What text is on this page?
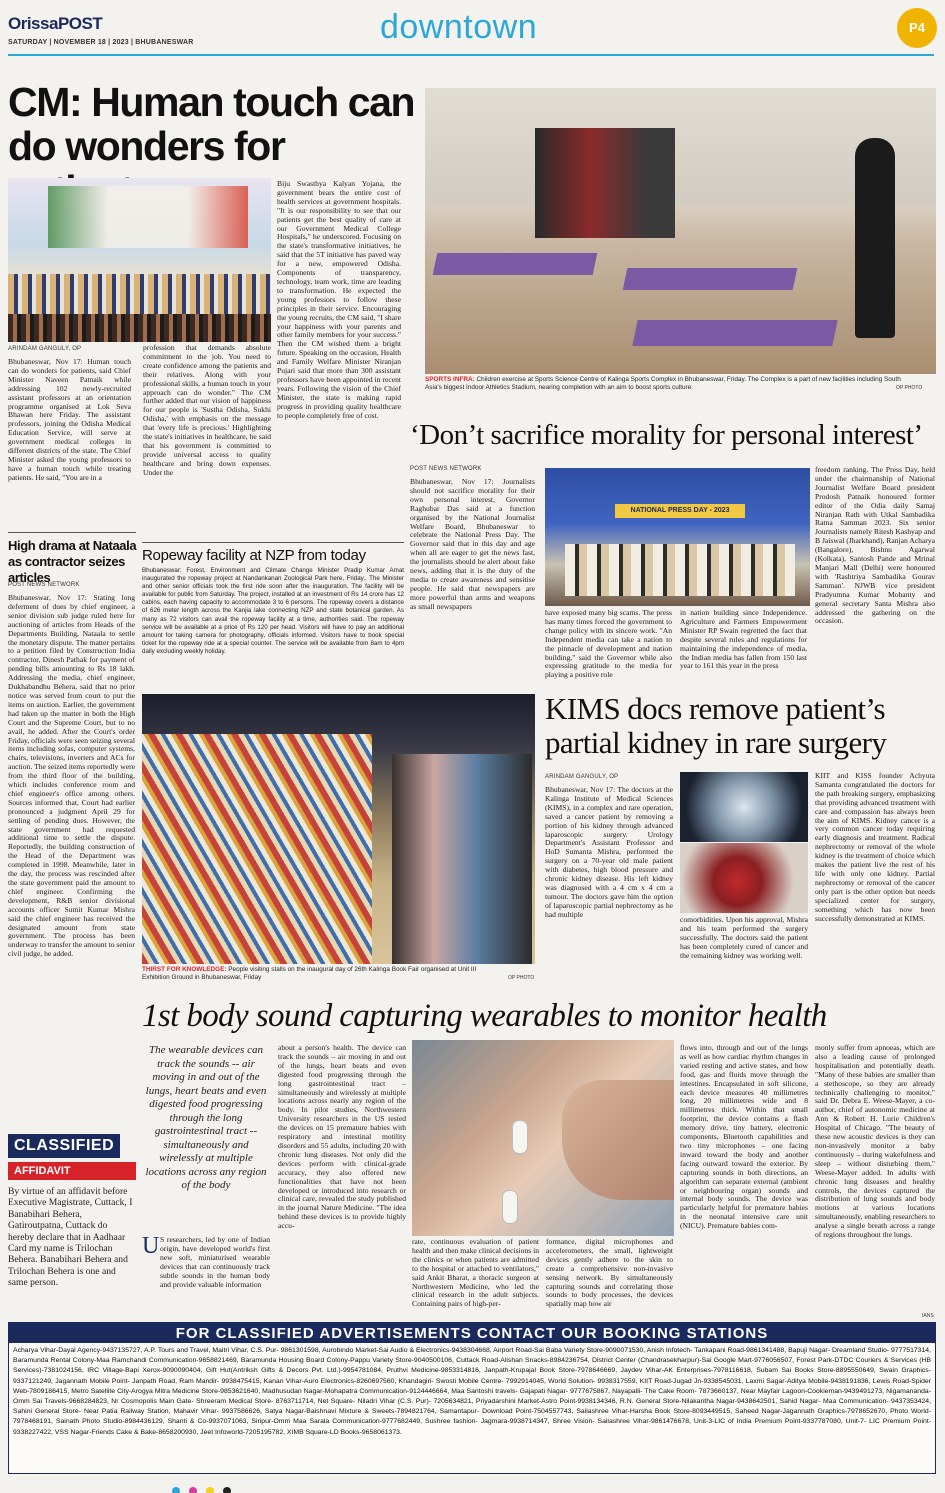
OrissaPOST
SATURDAY | NOVEMBER 18 | 2023 | BHUBANESWAR	downtown	P4
CM: Human touch can
do wonders for
ARINDAM GANGULY, OP

Bhubaneswar, Nov 17: Human touch can do wonders for patients, said Chief Minister Naveen Patnaik while addressing 102 newly-recruited assistant professors at an orientation programme organised at Lok Seva Bhawan here Friday. The assistant professors, joining the Odisha Medical Education Service, will serve at government medical colleges in different districts of the state. The Chief Minister asked the young professors to have a human touch while treating patients. He said, "You are in a

profession that demands absolute commitment to the job. You need to create confidence among the patients and their relatives. Along with your professional skills, a human touch in your approach can do wonder." The CM further added that our vision of happiness for our people is 'Sustha Odisha, Sukhi Odisha,' with emphasis on the message that 'every life is precious.' Highlighting the state's initiatives in healthcare, he said that his government is committed to provide universal access to quality healthcare and bring down expenses. Under the

Biju Swasthya Kalyan Yojana, the government bears the entire cost of health services at government hospitals. "It is our responsibility to see that our patients get the best quality of care at our Government Medical College Hospitals," he underscored. Focusing on the state's transformative initiatives, he said that the 5T initiative has paved way for a new, empowered Odisha. Components of transparency, technology, team work, time are leading to transformation. He expected the young professors to follow these principles in their service. Encouraging the young recruits, the CM said, "I share your happiness with your parents and other family members for your success." Then the CM wished them a bright future. Speaking on the occasion, Health and Family Welfare Minister Niranjan Pujari said that more than 300 assistant professors have been appointed in recent years. Following the vision of the Chief Minister, the state is making rapid progress in providing quality healthcare to people completely free of cost.

SPORTS INFRA: Children exercise at Sports Science Centre of Kalinga Sports Complex in Bhubaneswar, Friday. The Complex is a part of new facilities including South Asia's biggest Indoor Athletics Stadium, nearing completion with an aim to boost sports culture.	OP PHOTO
‘Don’t sacrifice morality for personal interest’
POST NEWS NETWORK

Bhubaneswar, Nov 17: Journalists should not sacrifice morality for their own personal interest, Governor Raghubar Das said at a function organised by the National Journalist Welfare Board, Bhubaneswar to celebrate the National Press Day. The Governor said that in this day and age when all are eager to get the news fast, the journalists should be alert about fake news, adding that it is the duty of the media to create awareness and sensitise people. He said that newspapers are more powerful than arms and weapons as small newspapers

NATIONAL PRESS DAY - 2023

have exposed many big scams. The press has many times forced the government to change policy with its sincere work. "An Independent media can take a nation to the pinnacle of development and nation building," said the Governor while also expressing gratitude to the media for playing a positive role

in nation building since Independence. Agriculture and Farmers Empowerment Minister RP Swain regretted the fact that despite several rules and regulations for maintaining the independence of media, the Indian media has fallen from 150 last year to 161 this year in the press

freedom ranking. The Press Day, held under the chairmanship of National Journalist Welfare Board president Prodosh Patnaik honoured former editor of the Odia daily Samaj Niranjan Rath with Utkal Sambadika Ratna Samman 2023. Six senior Journalists namely Ritesh Kashyap and B Jaiswal (Jharkhand), Ranjan Acharya (Bangalore), Bishnu Agarwal (Kolkata), Santosh Pande and Mrinal Manjari Mall (Delhi) were honoured with 'Rashtriya Sambadika Gourav Samman'. NJWB vice president Pradyumna Kumar Mohanty and general secretary Santa Mishra also addressed the gathering on the occasion.

High drama at Nataala as contractor seizes articles
POST NEWS NETWORK

Bhubaneswar, Nov 17: Stating long deferment of dues by chief engineer, a senior division sub judge ruled here for auctioning of articles from Heads of the Departments Building, Nataala to settle the monetary dispute. The matter pertains to a petition filed by Construction India contractor, Dinesh Pathak for payment of pending bills amounting to Rs 18 lakh. Addressing the media, chief engineer, Dukhabandhu Behera, said that no prior notice was served from court to put the items on auction. Earlier, the government had taken up the matter in both the High Court and the Supreme Court, but to no avail, he added. After the Court's order Friday, officials were seen seizing several items including sofas, computer systems, chairs, televisions, inverters and ACs for auction. The seized items reportedly were from the third floor of the building, which includes conference room and chief engineer's office among others. Sources informed that, Court had earlier pronounced a judgment April 29 for settling of pending dues. However, the state government had requested additional time to settle the dispute. Reportedly, the building construction of the Head of the Department was completed in 1998. Meanwhile, later in the day, the process was rescinded after the state government paid the amount to chief engineer. Confirming the development, R&B senior divisional accounts officer Sumit Kumar Mishra said the chief engineer has received the designated amount from state government. The process has been underway to transfer the amount to senior civil judge, he added.

Ropeway facility at NZP from today
Bhubaneswar: Forest, Environment and Climate Change Minister Pradip Kumar Amat inaugurated the ropeway project at Nandankanan Zoological Park here, Friday.. The Minister and other senior officials took the first ride soon after the inauguration. The facility will be available for public from Saturday. The project, installed at an investment of Rs 14 crore has 12 cabins, each having capacity to accommodate 3 to 6 persons. The ropeway covers a distance of 626 meter length across the Kanjia lake connecting NZP and state botanical garden. As many as 72 visitors can avail the ropeway facility at a time, authorities said. The ropeway service will be available at a price of Rs 120 per head. Visitors will have to pay an additional amount for taking camera for photography, officials informed. Visitors have to book special ticket for the ropeway ride at a special counter. The service will be available from 8am to 4pm daily excluding weekly holiday.
THIRST FOR KNOWLEDGE: People visiting stalls on the inaugural day of 26th Kalinga Book Fair organised at Unit III Exhibition Ground in Bhubaneswar, Friday	OP PHOTO
KIMS docs remove patient’s
partial kidney in rare surgery
ARINDAM GANGULY, OP

Bhubaneswar, Nov 17: The doctors at the Kalinga Institute of Medical Sciences (KIMS), in a complex and rare operation, saved a cancer patient by removing a portion of his kidney through advanced laparoscopic surgery. Urology Department's Assistant Professor and HoD Sumanta Mishra, performed the surgery on a 70-year old male patient with diabetes, high blood pressure and chronic kidney disease. His left kidney was diagnosed with a 4 cm x 4 cm a tumour. The doctors gave him the option of laparoscopic partial nephrectomy as he had multiple

comorbidities. Upon his approval, Mishra and his team performed the surgery successfully. The doctors said the patient has been completely cured of cancer and the remaining kidney was working well.

KIIT and KISS founder Achyuta Samanta congratulated the doctors for the path breaking surgery, emphasizing that providing advanced treatment with care and compassion has always been the aim of KIMS. Kidney cancer is a very common cancer today requiring early diagnosis and treatment. Radical nephrectomy or removal of the whole kidney is the treatment of choice which makes the patient live the rest of his life with only one kidney. Partial nephrectomy or removal of the cancer only part is the other option but needs specialized center for surgery, something which has now been successfully demonstrated at KIMS.

1st body sound capturing wearables to monitor health
The wearable devices can track the sounds -- air moving in and out of the lungs, heart beats and even digested food progressing through the long gastrointestinal tract -- simultaneously and wirelessly at multiple locations across any region of the body
U S researchers, led by one of Indian origin, have developed world's first new soft, miniaturised wearable devices that can continuously track subtle sounds in the human body and provide valuable information

about a person's health. The device can track the sounds – air moving in and out of the lungs, heart beats and even digested food progressing through the long gastrointestinal tract – simultaneously and wirelessly at multiple locations across nearly any region of the body. In pilot studies, Northwestern University researchers in the US tested the devices on 15 premature babies with respiratory and intestinal motility disorders and 55 adults, including 20 with chronic lung diseases. Not only did the devices perform with clinical-grade accuracy, they also offered new functionalities that have not been developed or introduced into research or clinical care, revealed the study published in the journal Nature Medicine. "The idea behind these devices is to provide highly accu-

rate, continuous evaluation of patient health and then make clinical decisions in the clinics or when patients are admitted to the hospital or attached to ventilators," said Ankit Bharat, a thoracic surgeon at Northwestern Medicine, who led the clinical research in the adult subjects. Containing pairs of high-per-

formance, digital microphones and accelerometers, the small, lightweight devices gently adhere to the skin to create a comprehensive non-invasive sensing network. By simultaneously capturing sounds and correlating those sounds to body processes, the devices spatially map how air

flows into, through and out of the lungs as well as how cardiac rhythm changes in varied resting and active states, and how food, gas and fluids move through the intestines. Encapsulated in soft silicone, each device measures 40 millimetres long, 20 millimetres wide and 8 millimetres thick. Within that small footprint, the device contains a flash memory drive, tiny battery, electronic components, Bluetooth capabilities and two tiny microphones – one facing inward toward the body and another facing outward toward the exterior. By capturing sounds in both directions, an algorithm can separate external (ambient or neighbouring organ) sounds and internal body sounds. The device was particularly helpful for premature babies in the neonatal intensive care unit (NICU). Premature babies com-

monly suffer from apnoeas, which are also a leading cause of prolonged hospitalisation and potentially death. "Many of these babies are smaller than a stethoscope, so they are already technically challenging to monitor," said Dr. Debra E. Weese-Mayer, a co-author, chief of autonomic medicine at Ann & Robert H. Lurie Children's Hospital of Chicago. "The beauty of these new acoustic devices is they can non-invasively monitor a baby continuously – during wakefulness and sleep – without disturbing them," Weese-Mayer added. In adults with chronic lung diseases and healthy controls, the devices captured the distribution of lung sounds and body motions at various locations simultaneously, enabling researchers to analyse a single breath across a range of regions throughout the lungs.

IANS
CLASSIFIED
AFFIDAVIT
By virtue of an affidavit before Executive Magistrate, Cuttack, I Banabihari Behera, Gatiroutpatna, Cuttack do hereby declare that in Aadhaar Card my name is Trilochan Behera. Banabihari Behera and Trilochan Behera is one and same person.
FOR CLASSIFIED ADVERTISEMENTS CONTACT OUR BOOKING STATIONS
Acharya Vihar-Dayal Agency-9437135727, A.P. Tours and Travel, Maitri Vihar, C.S. Pur- 9861301598, Aurobindo Market-Sai Audio & Electronics-9438304668, Airport Road-Sai Baba Variety Store-9090071530, Anish Infotech- Tankapani Road-9861341488, Bapuji Nagar- Dreamland Studio- 9777517314, Baramunda Rental Colony-Maa Ramchandi Communication-9658821469, Baramunda Housing Board Colony-Pappu Variety Store-9040500106, Cuttack Road-Alishan Snacks-8984236754, District Center (Chandrasekharpur)-Sai Google Mart-9776056507, Forest Park-DTDC Couriers & Services (HB Services)-7381024156, IRC Village-Bapi Xerox-9090090404, Gift Hut(Antriksh Gifts & Decors Pvt. Ltd.)-9954781084, Pruthvi Medicine-9853314816, Janpath-Krupajal Book Store-7978646669, Jaydev Vihar-AK Enterprises-7978116618, Subam Sai Books Store-8895550649, Swain Graphics- 9337121249, Jagannath Mobile Point- Janpath Road, Ram Mandir- 9938475415, Kanan Vihar-Auro Electronics-8260697560, Khandagiri- Swosti Mobile Centre- 7992914045, World Solution- 9938317559, KIIT Road-Jugad Jn-9338545031, Laxmi Sagar-Aditya Mobile-9438191836, Lewis Road-Spider Web-7809186415, Metro Satellite City-Arogya Mitra Medicine Store-9853621640, Madhusudan Nagar-Mohapatra Communication-9124446664, Maa Santoshi travels- Gajapati Nagar- 9777675867, Nayapalli- The Cake Room- 7873660137, Near Mayfair Lagoon-Cookieman-9439491273, Nigamananda-Omm Sai Travels-9668284823, Nr Cosmopolis Main Gate- Shreeram Medical Store- 8763711714, Net Square- Niladri Vihar (C.S. Pur)- 7205634821, Priyadarshini Market-Astro Point-9938134346, R.N. General Store-Nilakantha Nagar-9438642501, Sahid Nagar- Maa Communication- 9437353424, Sahini General Store- Near Patia Railway Station, Mahavir Vihar- 9937586626, Satya Nagar-Baishnavi Mixture & Sweets-7894821764, Samantapur- Download Point-7504557743, Sailashree Vihar-Harsha Book Store-8093449515, Saheed Nagar-Jagannath Graphics-7978652670, Photo World-7978468191, Sainath Photo Studio-8984436129, Shanti & Co-9937071063, Siripur-Omm Maa Sarala Communication-9777682449, Sushree fashion- Jagmara-9938714347, Shree Vision- Sailashree Vihar-9861476678, Unit-3-LIC of India Premium Point-9337787080, Unit-7- LIC Premium Point- 9338227422, VSS Nagar-Friends Cake & Bake-8658200930, Jeet Infoworld-7205195782, XIMB Square-LD Books-9658061373.
